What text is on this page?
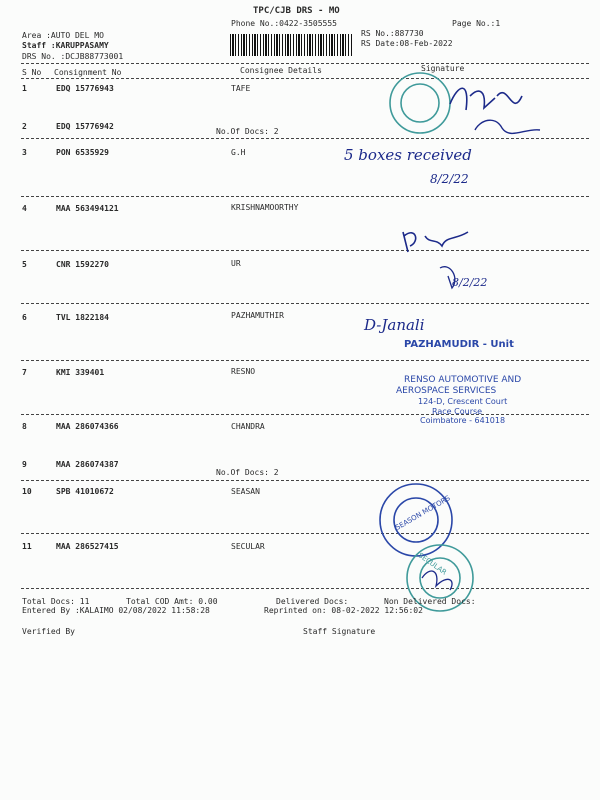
TPC/CJB DRS - MO
Phone No.:0422-3505555	Page No.:1
Area :AUTO DEL MO
Staff :KARUPPASAMY
DRS No. :DCJB88773001
RS No.:887730
RS Date:08-Feb-2022
S No Consignment No	Consignee Details	Signature
1	EDQ 15776943	TAFE
2	EDQ 15776942
No.Of Docs: 2
3	PON 6535929	G.H
4	MAA 563494121	KRISHNAMOORTHY
5	CNR 1592270	UR
6	TVL 1822184	PAZHAMUTHIR
7	KMI 339401	RESNO
8	MAA 286074366	CHANDRA
9	MAA 286074387
No.Of Docs: 2
10	SPB 41010672	SEASAN
11	MAA 286527415	SECULAR
5 boxes received
8/2/22
8/2/22
D-Janali
PAZHAMUDIR - Unit
RENSO AUTOMOTIVE AND
AEROSPACE SERVICES
124-D, Crescent Court
Race Course
Coimbatore - 641018
SEASON MOTORS
SECULAR
Total Docs: 11	Total COD Amt: 0.00	Delivered Docs:	Non Delivered Docs:
Entered By :KALAIMO 02/08/2022 11:58:28	Reprinted on: 08-02-2022 12:56:02
Verified By	Staff Signature
